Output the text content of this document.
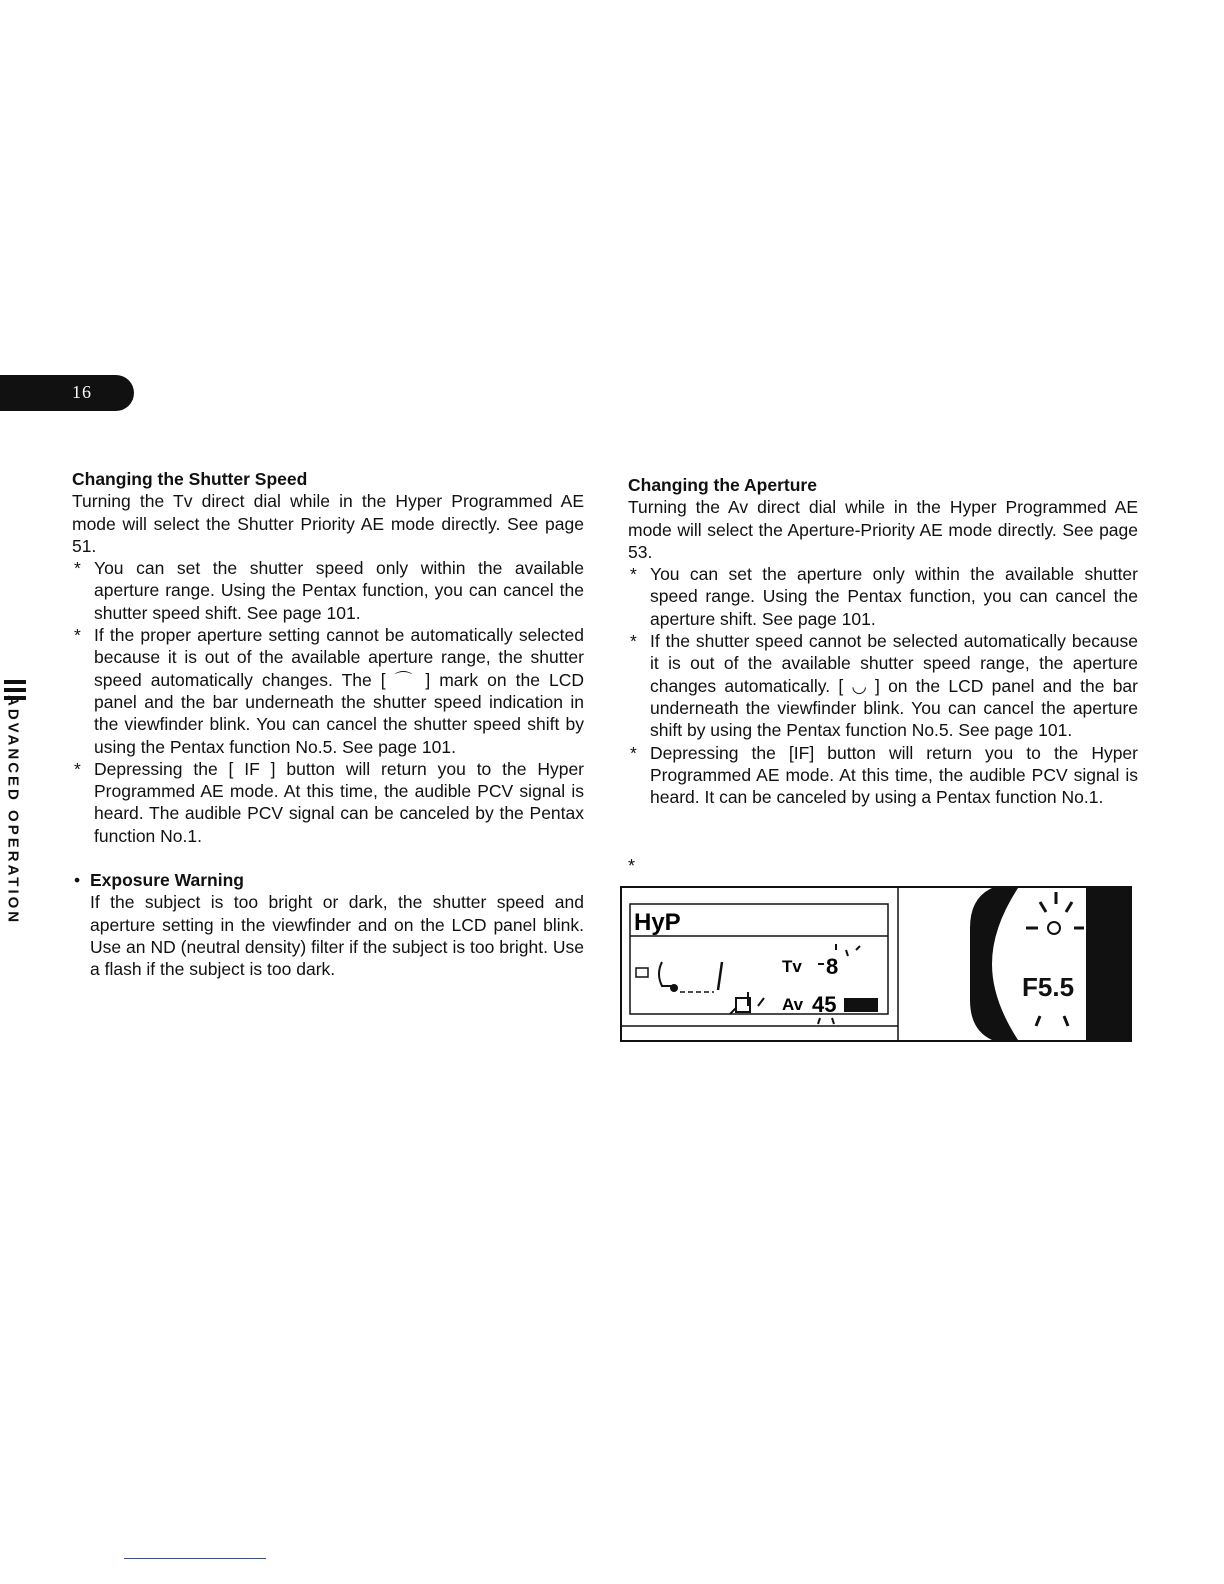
16
ADVANCED OPERATION
Changing the Shutter Speed

Turning the Tv direct dial while in the Hyper Programmed AE mode will select the Shutter Priority AE mode directly. See page 51.

* You can set the shutter speed only within the available aperture range. Using the Pentax function, you can cancel the shutter speed shift. See page 101.
* If the proper aperture setting cannot be automatically selected because it is out of the available aperture range, the shutter speed automatically changes. The [ ⌒ ] mark on the LCD panel and the bar underneath the shutter speed indication in the viewfinder blink. You can cancel the shutter speed shift by using the Pentax function No.5. See page 101.
* Depressing the [ IF ] button will return you to the Hyper Programmed AE mode. At this time, the audible PCV signal is heard. The audible PCV signal can be canceled by the Pentax function No.1.
• Exposure Warning
If the subject is too bright or dark, the shutter speed and aperture setting in the viewfinder and on the LCD panel blink. Use an ND (neutral density) filter if the subject is too bright. Use a flash if the subject is too dark.
Changing the Aperture

Turning the Av direct dial while in the Hyper Programmed AE mode will select the Aperture-Priority AE mode directly. See page 53.

* You can set the aperture only within the available shutter speed range. Using the Pentax function, you can cancel the aperture shift. See page 101.
* If the shutter speed cannot be selected automatically because it is out of the available shutter speed range, the aperture changes automatically. [ ◡ ] on the LCD panel and the bar underneath the viewfinder blink. You can cancel the aperture shift by using the Pentax function No.5. See page 101.
* Depressing the [IF] button will return you to the Hyper Programmed AE mode. At this time, the audible PCV signal is heard. It can be canceled by using a Pentax function No.1.
*
HyP
Tv 8
Av 45
F5.5
